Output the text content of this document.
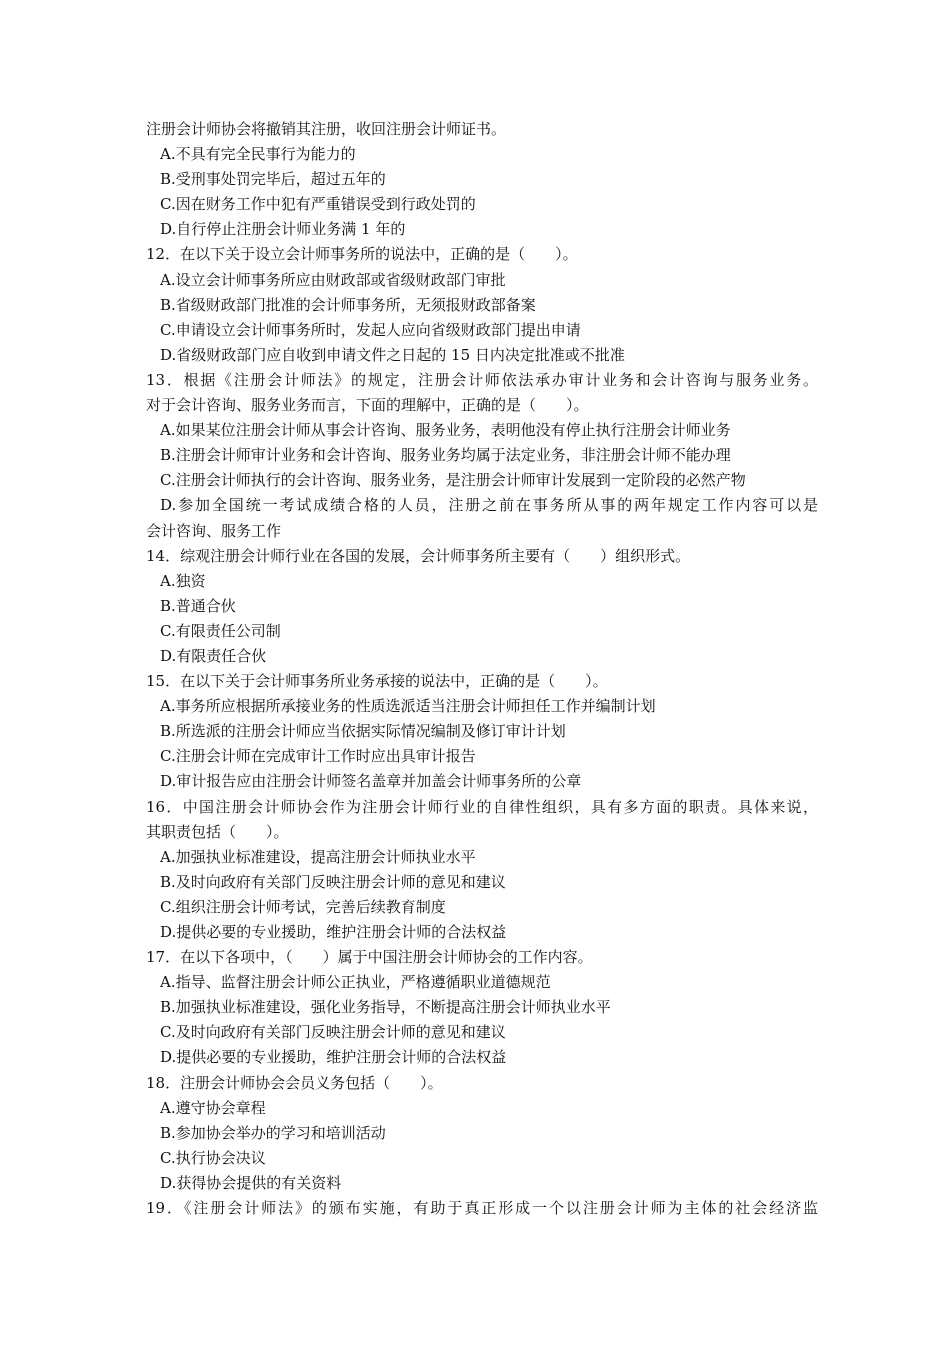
注册会计师协会将撤销其注册，收回注册会计师证书。
A.不具有完全民事行为能力的
B.受刑事处罚完毕后，超过五年的
C.因在财务工作中犯有严重错误受到行政处罚的
D.自行停止注册会计师业务满 1 年的
12．在以下关于设立会计师事务所的说法中，正确的是（　　）。
A.设立会计师事务所应由财政部或省级财政部门审批
B.省级财政部门批准的会计师事务所，无须报财政部备案
C.申请设立会计师事务所时，发起人应向省级财政部门提出申请
D.省级财政部门应自收到申请文件之日起的 15 日内决定批准或不批准
13．根据《注册会计师法》的规定，注册会计师依法承办审计业务和会计咨询与服务业务。
对于会计咨询、服务业务而言，下面的理解中，正确的是（　　）。
A.如果某位注册会计师从事会计咨询、服务业务，表明他没有停止执行注册会计师业务
B.注册会计师审计业务和会计咨询、服务业务均属于法定业务，非注册会计师不能办理
C.注册会计师执行的会计咨询、服务业务，是注册会计师审计发展到一定阶段的必然产物
D.参加全国统一考试成绩合格的人员，注册之前在事务所从事的两年规定工作内容可以是
会计咨询、服务工作
14．综观注册会计师行业在各国的发展，会计师事务所主要有（　　）组织形式。
A.独资
B.普通合伙
C.有限责任公司制
D.有限责任合伙
15．在以下关于会计师事务所业务承接的说法中，正确的是（　　）。
A.事务所应根据所承接业务的性质选派适当注册会计师担任工作并编制计划
B.所选派的注册会计师应当依据实际情况编制及修订审计计划
C.注册会计师在完成审计工作时应出具审计报告
D.审计报告应由注册会计师签名盖章并加盖会计师事务所的公章
16．中国注册会计师协会作为注册会计师行业的自律性组织，具有多方面的职责。具体来说，
其职责包括（　　）。
A.加强执业标准建设，提高注册会计师执业水平
B.及时向政府有关部门反映注册会计师的意见和建议
C.组织注册会计师考试，完善后续教育制度
D.提供必要的专业援助，维护注册会计师的合法权益
17．在以下各项中，（　　）属于中国注册会计师协会的工作内容。
A.指导、监督注册会计师公正执业，严格遵循职业道德规范
B.加强执业标准建设，强化业务指导，不断提高注册会计师执业水平
C.及时向政府有关部门反映注册会计师的意见和建议
D.提供必要的专业援助，维护注册会计师的合法权益
18．注册会计师协会会员义务包括（　　）。
A.遵守协会章程
B.参加协会举办的学习和培训活动
C.执行协会决议
D.获得协会提供的有关资料
19．《注册会计师法》的颁布实施，有助于真正形成一个以注册会计师为主体的社会经济监
